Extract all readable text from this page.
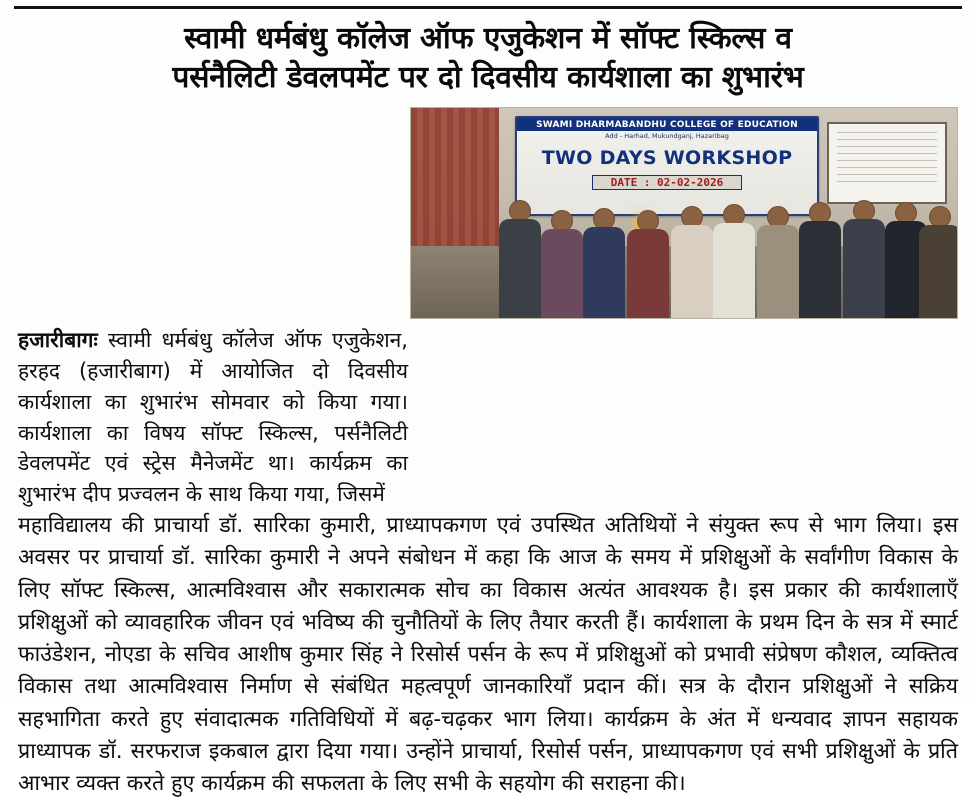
स्वामी धर्मबंधु कॉलेज ऑफ एजुकेशन में सॉफ्ट स्किल्स व
पर्सनैलिटी डेवलपमेंट पर दो दिवसीय कार्यशाला का शुभारंभ
SWAMI DHARMABANDHU COLLEGE OF EDUCATION
Add - Harhad, Mukundganj, Hazaribag
TWO DAYS WORKSHOP
DATE : 02-02-2026

हजारीबागः स्वामी धर्मबंधु कॉलेज ऑफ एजुकेशन, हरहद (हजारीबाग) में आयोजित दो दिवसीय कार्यशाला का शुभारंभ सोमवार को किया गया। कार्यशाला का विषय सॉफ्ट स्किल्स, पर्सनैलिटी डेवलपमेंट एवं स्ट्रेस मैनेजमेंट था। कार्यक्रम का शुभारंभ दीप प्रज्वलन के साथ किया गया, जिसमें

महाविद्यालय की प्राचार्या डॉ. सारिका कुमारी, प्राध्यापकगण एवं उपस्थित अतिथियों ने संयुक्त रूप से भाग लिया। इस अवसर पर प्राचार्या डॉ. सारिका कुमारी ने अपने संबोधन में कहा कि आज के समय में प्रशिक्षुओं के सर्वांगीण विकास के लिए सॉफ्ट स्किल्स, आत्मविश्वास और सकारात्मक सोच का विकास अत्यंत आवश्यक है। इस प्रकार की कार्यशालाएँ प्रशिक्षुओं को व्यावहारिक जीवन एवं भविष्य की चुनौतियों के लिए तैयार करती हैं। कार्यशाला के प्रथम दिन के सत्र में स्मार्ट फाउंडेशन, नोएडा के सचिव आशीष कुमार सिंह ने रिसोर्स पर्सन के रूप में प्रशिक्षुओं को प्रभावी संप्रेषण कौशल, व्यक्तित्व विकास तथा आत्मविश्वास निर्माण से संबंधित महत्वपूर्ण जानकारियाँ प्रदान कीं। सत्र के दौरान प्रशिक्षुओं ने सक्रिय सहभागिता करते हुए संवादात्मक गतिविधियों में बढ़-चढ़कर भाग लिया। कार्यक्रम के अंत में धन्यवाद ज्ञापन सहायक प्राध्यापक डॉ. सरफराज इकबाल द्वारा दिया गया। उन्होंने प्राचार्या, रिसोर्स पर्सन, प्राध्यापकगण एवं सभी प्रशिक्षुओं के प्रति आभार व्यक्त करते हुए कार्यक्रम की सफलता के लिए सभी के सहयोग की सराहना की।
